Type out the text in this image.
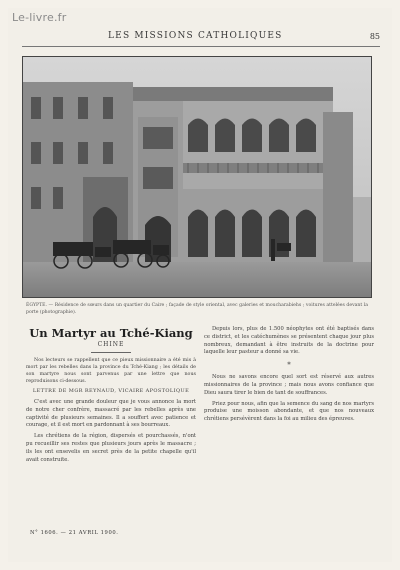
Le-livre.fr
LES MISSIONS CATHOLIQUES	85
ÉGYPTE. — Résidence de sœurs dans un quartier du Caire ; façade de style oriental, avec galeries et moucharabiehs ; voitures attelées devant la porte (photographie).
Un Martyr au Tché-Kiang
CHINE

Nos lecteurs se rappellent que ce pieux missionnaire a été mis à mort par les rebelles dans la province du Tché-Kiang ; les détails de son martyre nous sont parvenus par une lettre que nous reproduisons ci-dessous.

LETTRE DE MGR REYNAUD, VICAIRE APOSTOLIQUE

C'est avec une grande douleur que je vous annonce la mort de notre cher confrère, massacré par les rebelles après une captivité de plusieurs semaines. Il a souffert avec patience et courage, et il est mort en pardonnant à ses bourreaux.

Les chrétiens de la région, dispersés et pourchassés, n'ont pu recueillir ses restes que plusieurs jours après le massacre ; ils les ont ensevelis en secret près de la petite chapelle qu'il avait construite.

Depuis lors, plus de 1.500 néophytes ont été baptisés dans ce district, et les catéchumènes se présentent chaque jour plus nombreux, demandant à être instruits de la doctrine pour laquelle leur pasteur a donné sa vie.

*

Nous ne savons encore quel sort est réservé aux autres missionnaires de la province ; mais nous avons confiance que Dieu saura tirer le bien de tant de souffrances.

Priez pour nous, afin que la semence du sang de nos martyrs produise une moisson abondante, et que nos nouveaux chrétiens persévèrent dans la foi au milieu des épreuves.

N° 1606. — 21 AVRIL 1900.
